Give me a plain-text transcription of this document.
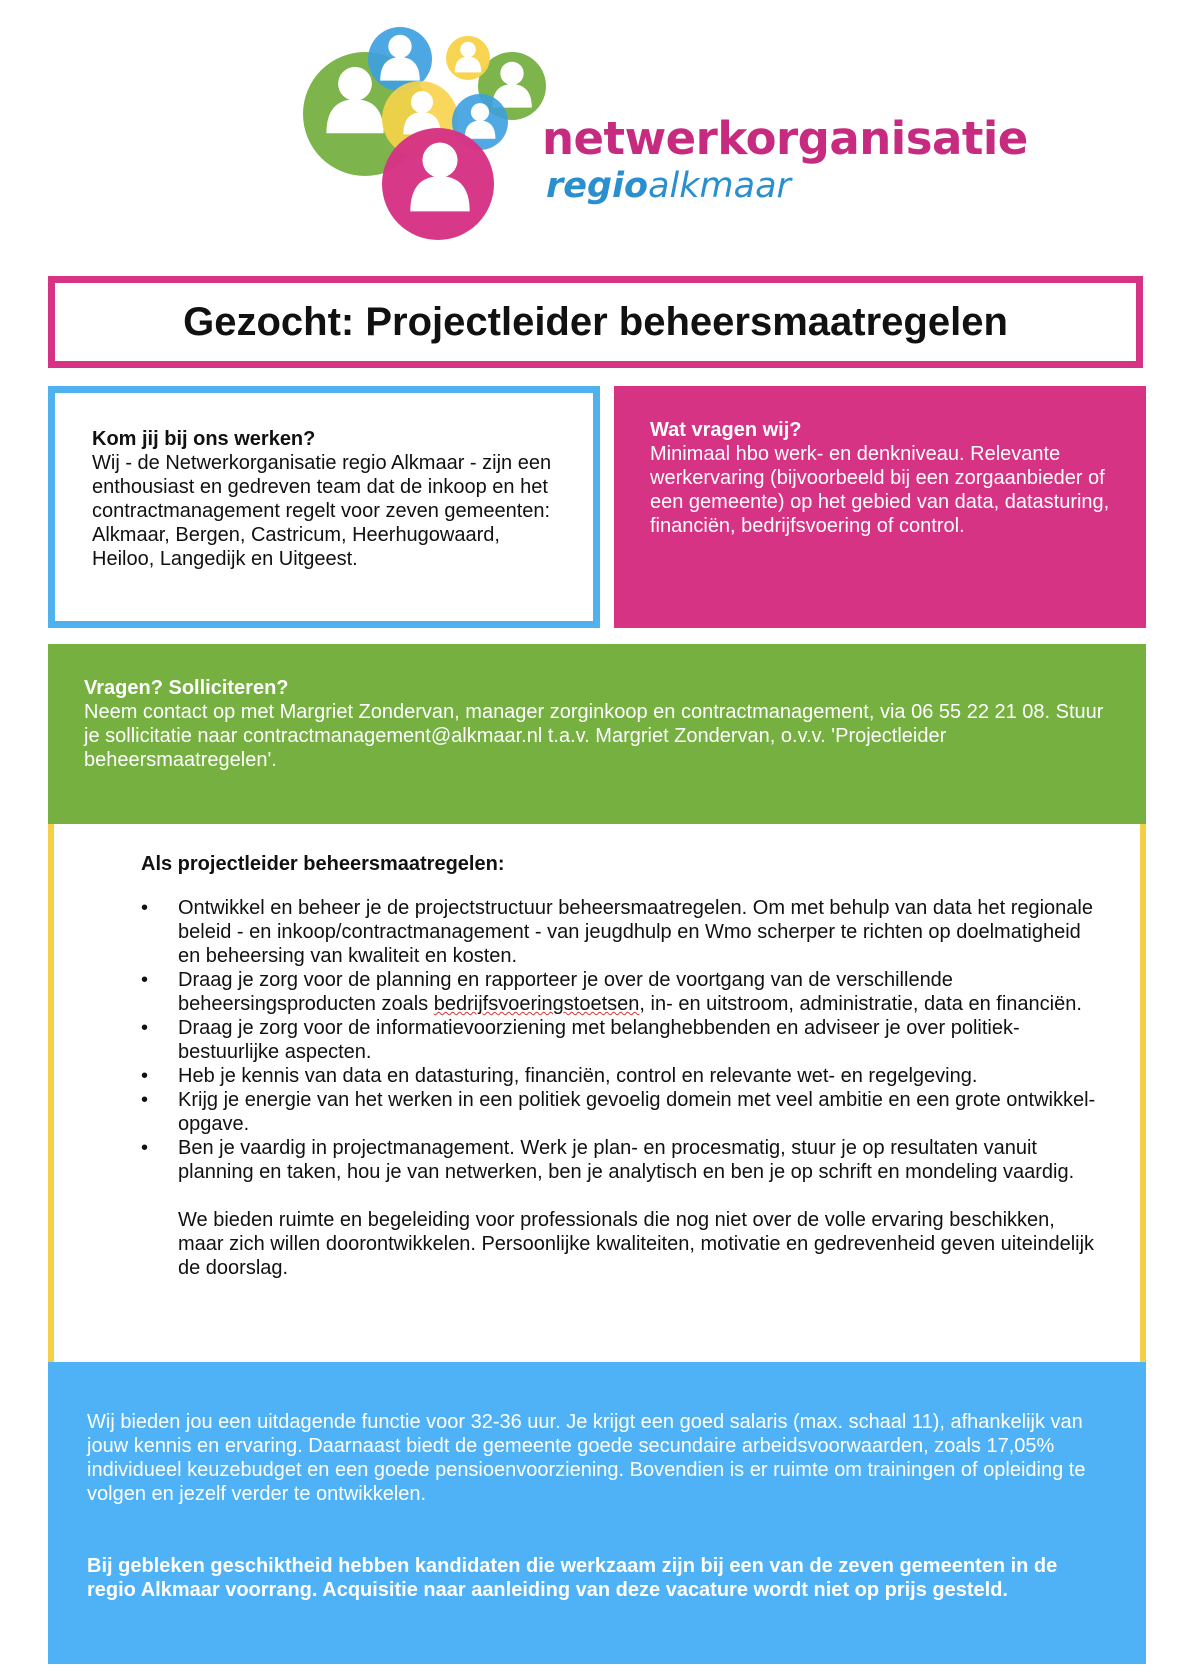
netwerkorganisatie
regioalkmaar
Gezocht: Projectleider beheersmaatregelen
Kom jij bij ons werken?
Wij - de Netwerkorganisatie regio Alkmaar - zijn een enthousiast en gedreven team dat de inkoop en het contractmanagement regelt voor zeven gemeenten: Alkmaar, Bergen, Castricum, Heerhugowaard, Heiloo, Langedijk en Uitgeest.
Wat vragen wij?
Minimaal hbo werk- en denkniveau. Relevante werkervaring (bijvoorbeeld bij een zorgaanbieder of een gemeente) op het gebied van data, datasturing, financiën, bedrijfsvoering of control.
Vragen? Solliciteren?
Neem contact op met Margriet Zondervan, manager zorginkoop en contractmanagement, via 06 55 22 21 08. Stuur je sollicitatie naar contractmanagement@alkmaar.nl t.a.v. Margriet Zondervan, o.v.v. 'Projectleider beheersmaatregelen'.
Als projectleider beheersmaatregelen:
• Ontwikkel en beheer je de projectstructuur beheersmaatregelen. Om met behulp van data het regionale beleid - en inkoop/contractmanagement - van jeugdhulp en Wmo scherper te richten op doelmatigheid en beheersing van kwaliteit en kosten.
• Draag je zorg voor de planning en rapporteer je over de voortgang van de verschillende beheersingsproducten zoals bedrijfsvoeringstoetsen, in- en uitstroom, administratie, data en financiën.
• Draag je zorg voor de informatievoorziening met belanghebbenden en adviseer je over politiek-bestuurlijke aspecten.
• Heb je kennis van data en datasturing, financiën, control en relevante wet- en regelgeving.
• Krijg je energie van het werken in een politiek gevoelig domein met veel ambitie en een grote ontwikkel-opgave.
• Ben je vaardig in projectmanagement. Werk je plan- en procesmatig, stuur je op resultaten vanuit planning en taken, hou je van netwerken, ben je analytisch en ben je op schrift en mondeling vaardig.

We bieden ruimte en begeleiding voor professionals die nog niet over de volle ervaring beschikken, maar zich willen doorontwikkelen. Persoonlijke kwaliteiten, motivatie en gedrevenheid geven uiteindelijk de doorslag.

Wij bieden jou een uitdagende functie voor 32-36 uur. Je krijgt een goed salaris (max. schaal 11), afhankelijk van jouw kennis en ervaring. Daarnaast biedt de gemeente goede secundaire arbeidsvoorwaarden, zoals 17,05% individueel keuzebudget en een goede pensioenvoorziening. Bovendien is er ruimte om trainingen of opleiding te volgen en jezelf verder te ontwikkelen.

Bij gebleken geschiktheid hebben kandidaten die werkzaam zijn bij een van de zeven gemeenten in de regio Alkmaar voorrang. Acquisitie naar aanleiding van deze vacature wordt niet op prijs gesteld.
